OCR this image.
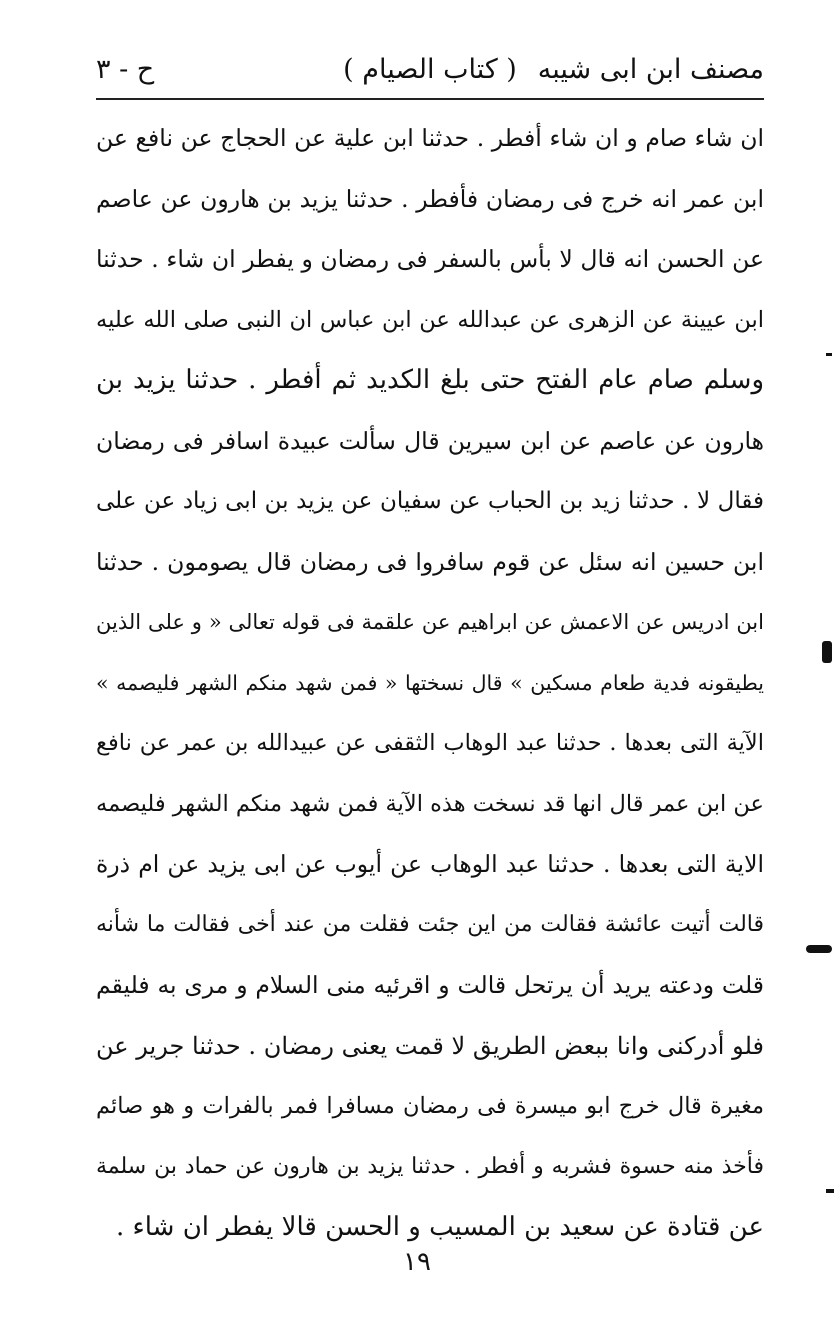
مصنف ابن ابى شيبه
( كتاب الصيام )
ح - ٣
ان شاء صام و ان شاء أفطر . حدثنا ابن علية عن الحجاج عن نافع عن
ابن عمر انه خرج فى رمضان فأفطر . حدثنا يزيد بن هارون عن عاصم
عن الحسن انه قال لا بأس بالسفر فى رمضان و يفطر ان شاء . حدثنا
ابن عيينة عن الزهرى عن عبدالله عن ابن عباس ان النبى صلى الله عليه
وسلم صام عام الفتح حتى بلغ الكديد ثم أفطر . حدثنا يزيد بن
هارون عن عاصم عن ابن سيرين قال سألت عبيدة اسافر فى رمضان
فقال لا . حدثنا زيد بن الحباب عن سفيان عن يزيد بن ابى زياد عن على
ابن حسين انه سئل عن قوم سافروا فى رمضان قال يصومون . حدثنا
ابن ادريس عن الاعمش عن ابراهيم عن علقمة فى قوله تعالى « و على الذين
يطيقونه فدية طعام مسكين » قال نسختها « فمن شهد منكم الشهر فليصمه »
الآية التى بعدها . حدثنا عبد الوهاب الثقفى عن عبيدالله بن عمر عن نافع
عن ابن عمر قال انها قد نسخت هذه الآية فمن شهد منكم الشهر فليصمه
الاية التى بعدها . حدثنا عبد الوهاب عن أيوب عن ابى يزيد عن ام ذرة
قالت أتيت عائشة فقالت من اين جئت فقلت من عند أخى فقالت ما شأنه
قلت ودعته يريد أن يرتحل قالت و اقرئيه منى السلام و مرى به فليقم
فلو أدركنى وانا ببعض الطريق لا قمت يعنى رمضان . حدثنا جرير عن
مغيرة قال خرج ابو ميسرة فى رمضان مسافرا فمر بالفرات و هو صائم
فأخذ منه حسوة فشربه و أفطر . حدثنا يزيد بن هارون عن حماد بن سلمة
عن قتادة عن سعيد بن المسيب و الحسن قالا يفطر ان شاء .
١٩
